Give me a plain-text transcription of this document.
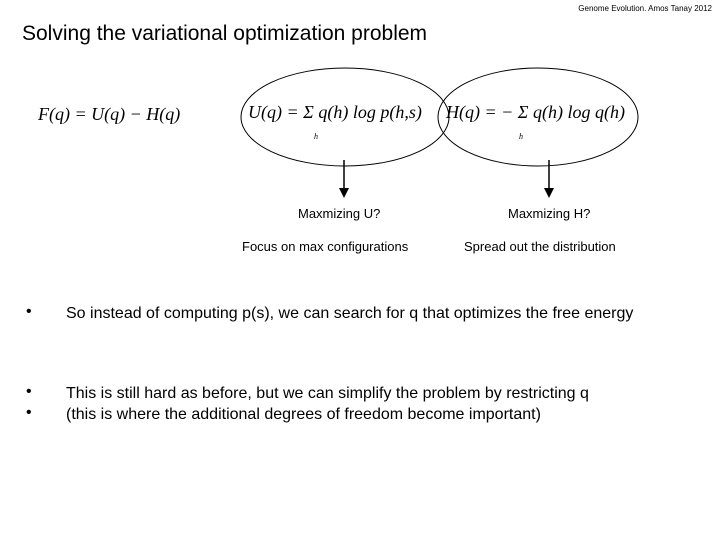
Genome Evolution. Amos Tanay 2012
Solving the variational optimization problem
F(q) = U(q) − H(q)	U(q) = Σ q(h) log p(h,s)
h
H(q) = − Σ q(h) log q(h)
h
Maxmizing U?	Maxmizing H?
Focus on max configurations	Spread out the distribution
•	So instead of computing p(s), we can search for q that optimizes the free energy
•	This is still hard as before, but we can simplify the problem by restricting q
•	(this is where the additional degrees of freedom become important)
